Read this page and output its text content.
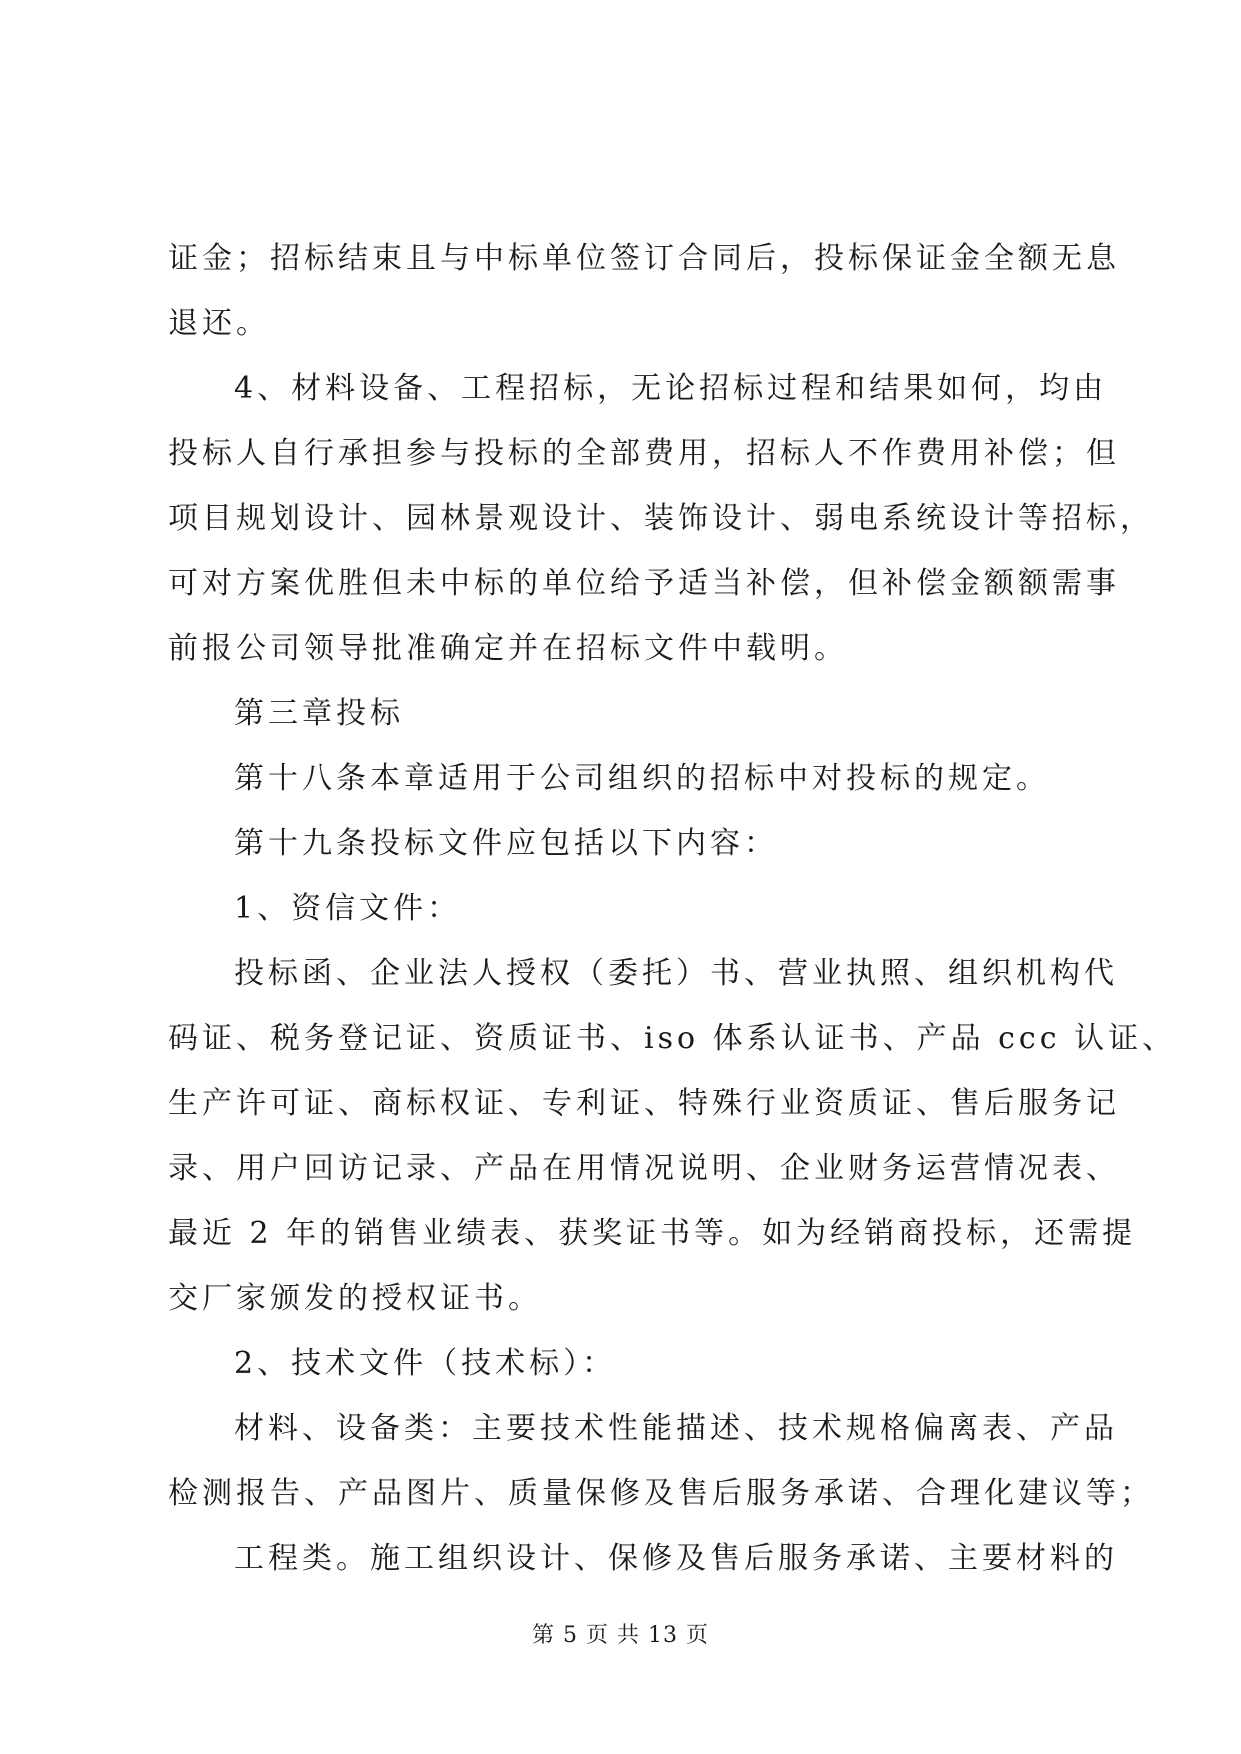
证金；招标结束且与中标单位签订合同后，投标保证金全额无息
退还。
4、材料设备、工程招标，无论招标过程和结果如何，均由
投标人自行承担参与投标的全部费用，招标人不作费用补偿；但
项目规划设计、园林景观设计、装饰设计、弱电系统设计等招标，
可对方案优胜但未中标的单位给予适当补偿，但补偿金额额需事
前报公司领导批准确定并在招标文件中载明。
第三章投标
第十八条本章适用于公司组织的招标中对投标的规定。
第十九条投标文件应包括以下内容：
1、资信文件：
投标函、企业法人授权（委托）书、营业执照、组织机构代
码证、税务登记证、资质证书、iso 体系认证书、产品 ccc 认证、
生产许可证、商标权证、专利证、特殊行业资质证、售后服务记
录、用户回访记录、产品在用情况说明、企业财务运营情况表、
最近 2 年的销售业绩表、获奖证书等。如为经销商投标，还需提
交厂家颁发的授权证书。
2、技术文件（技术标）：
材料、设备类：主要技术性能描述、技术规格偏离表、产品
检测报告、产品图片、质量保修及售后服务承诺、合理化建议等；
工程类。施工组织设计、保修及售后服务承诺、主要材料的
第 5 页 共 13 页
